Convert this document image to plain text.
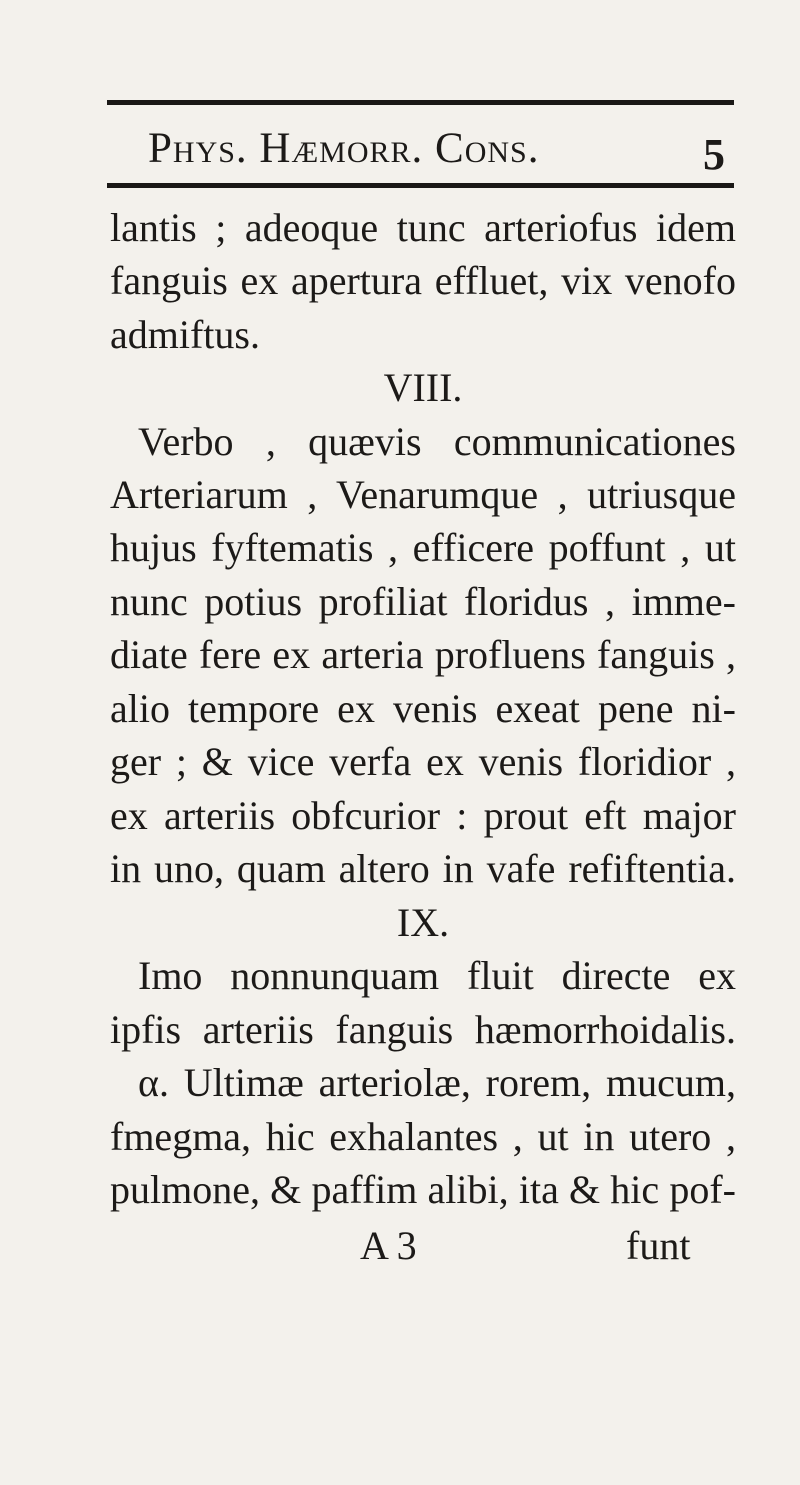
Phys. Hæmorr. Cons.	5
lantis ; adeoque tunc arteriofus idem
fanguis ex apertura effluet, vix venofo
admiftus.
VIII.
Verbo , quævis communicationes
Arteriarum , Venarumque , utriusque
hujus fyftematis , efficere poffunt , ut
nunc potius profiliat floridus , imme-
diate fere ex arteria profluens fanguis ,
alio tempore ex venis exeat pene ni-
ger ; & vice verfa ex venis floridior ,
ex arteriis obfcurior : prout eft major
in uno, quam altero in vafe refiftentia.
IX.
Imo nonnunquam fluit directe ex
ipfis arteriis fanguis hæmorrhoidalis.
α. Ultimæ arteriolæ, rorem, mucum,
fmegma, hic exhalantes , ut in utero ,
pulmone, & paffim alibi, ita & hic pof-
A 3	funt
